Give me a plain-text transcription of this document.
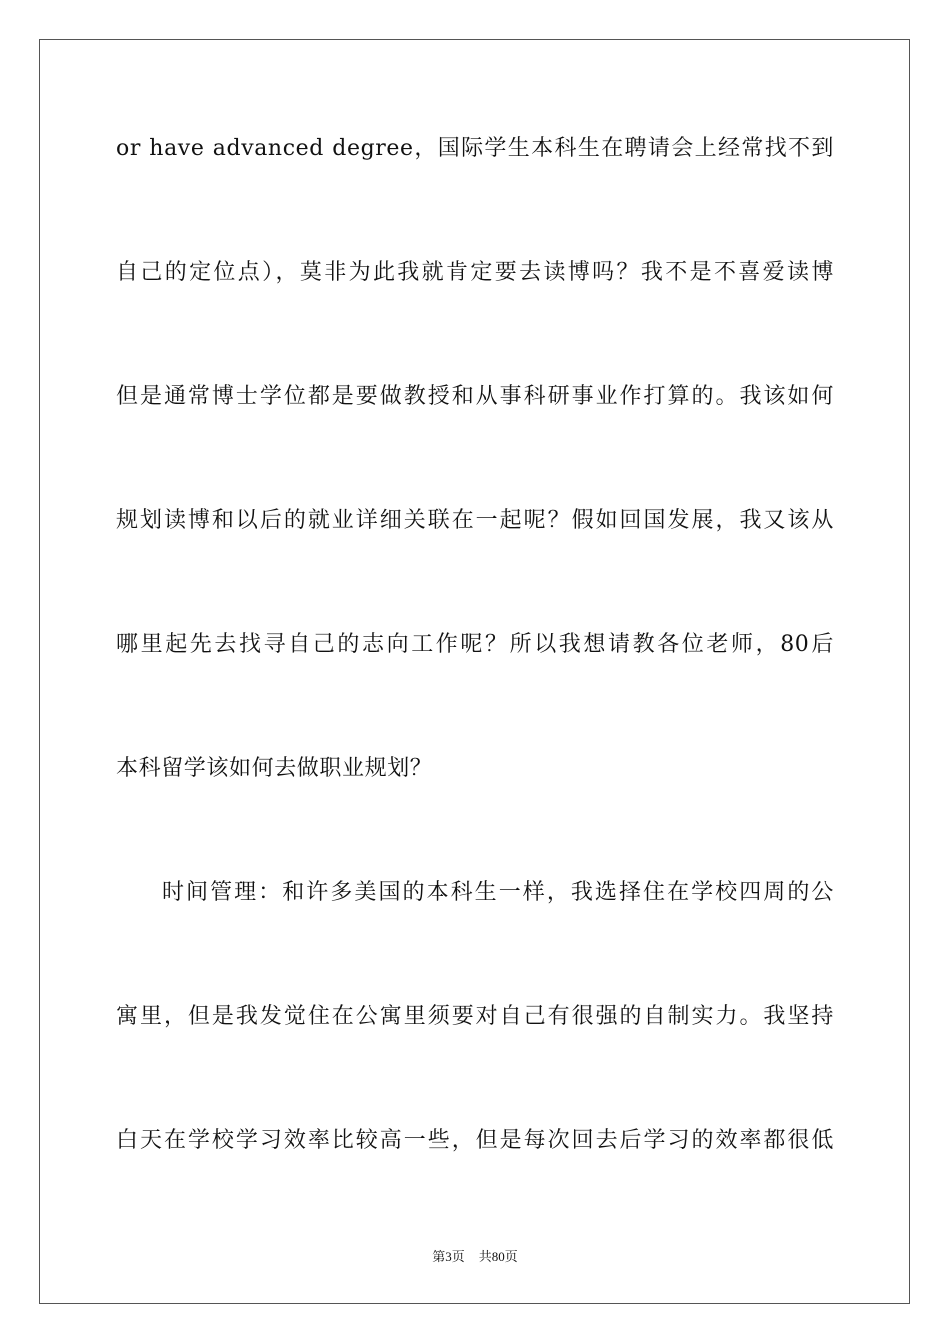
or have advanced degree，国际学生本科生在聘请会上经常找不到
自己的定位点），莫非为此我就肯定要去读博吗？我不是不喜爱读博
但是通常博士学位都是要做教授和从事科研事业作打算的。我该如何
规划读博和以后的就业详细关联在一起呢？假如回国发展，我又该从
哪里起先去找寻自己的志向工作呢？所以我想请教各位老师，80后
本科留学该如何去做职业规划？
时间管理：和许多美国的本科生一样，我选择住在学校四周的公
寓里，但是我发觉住在公寓里须要对自己有很强的自制实力。我坚持
白天在学校学习效率比较高一些，但是每次回去后学习的效率都很低
第3页 共80页
